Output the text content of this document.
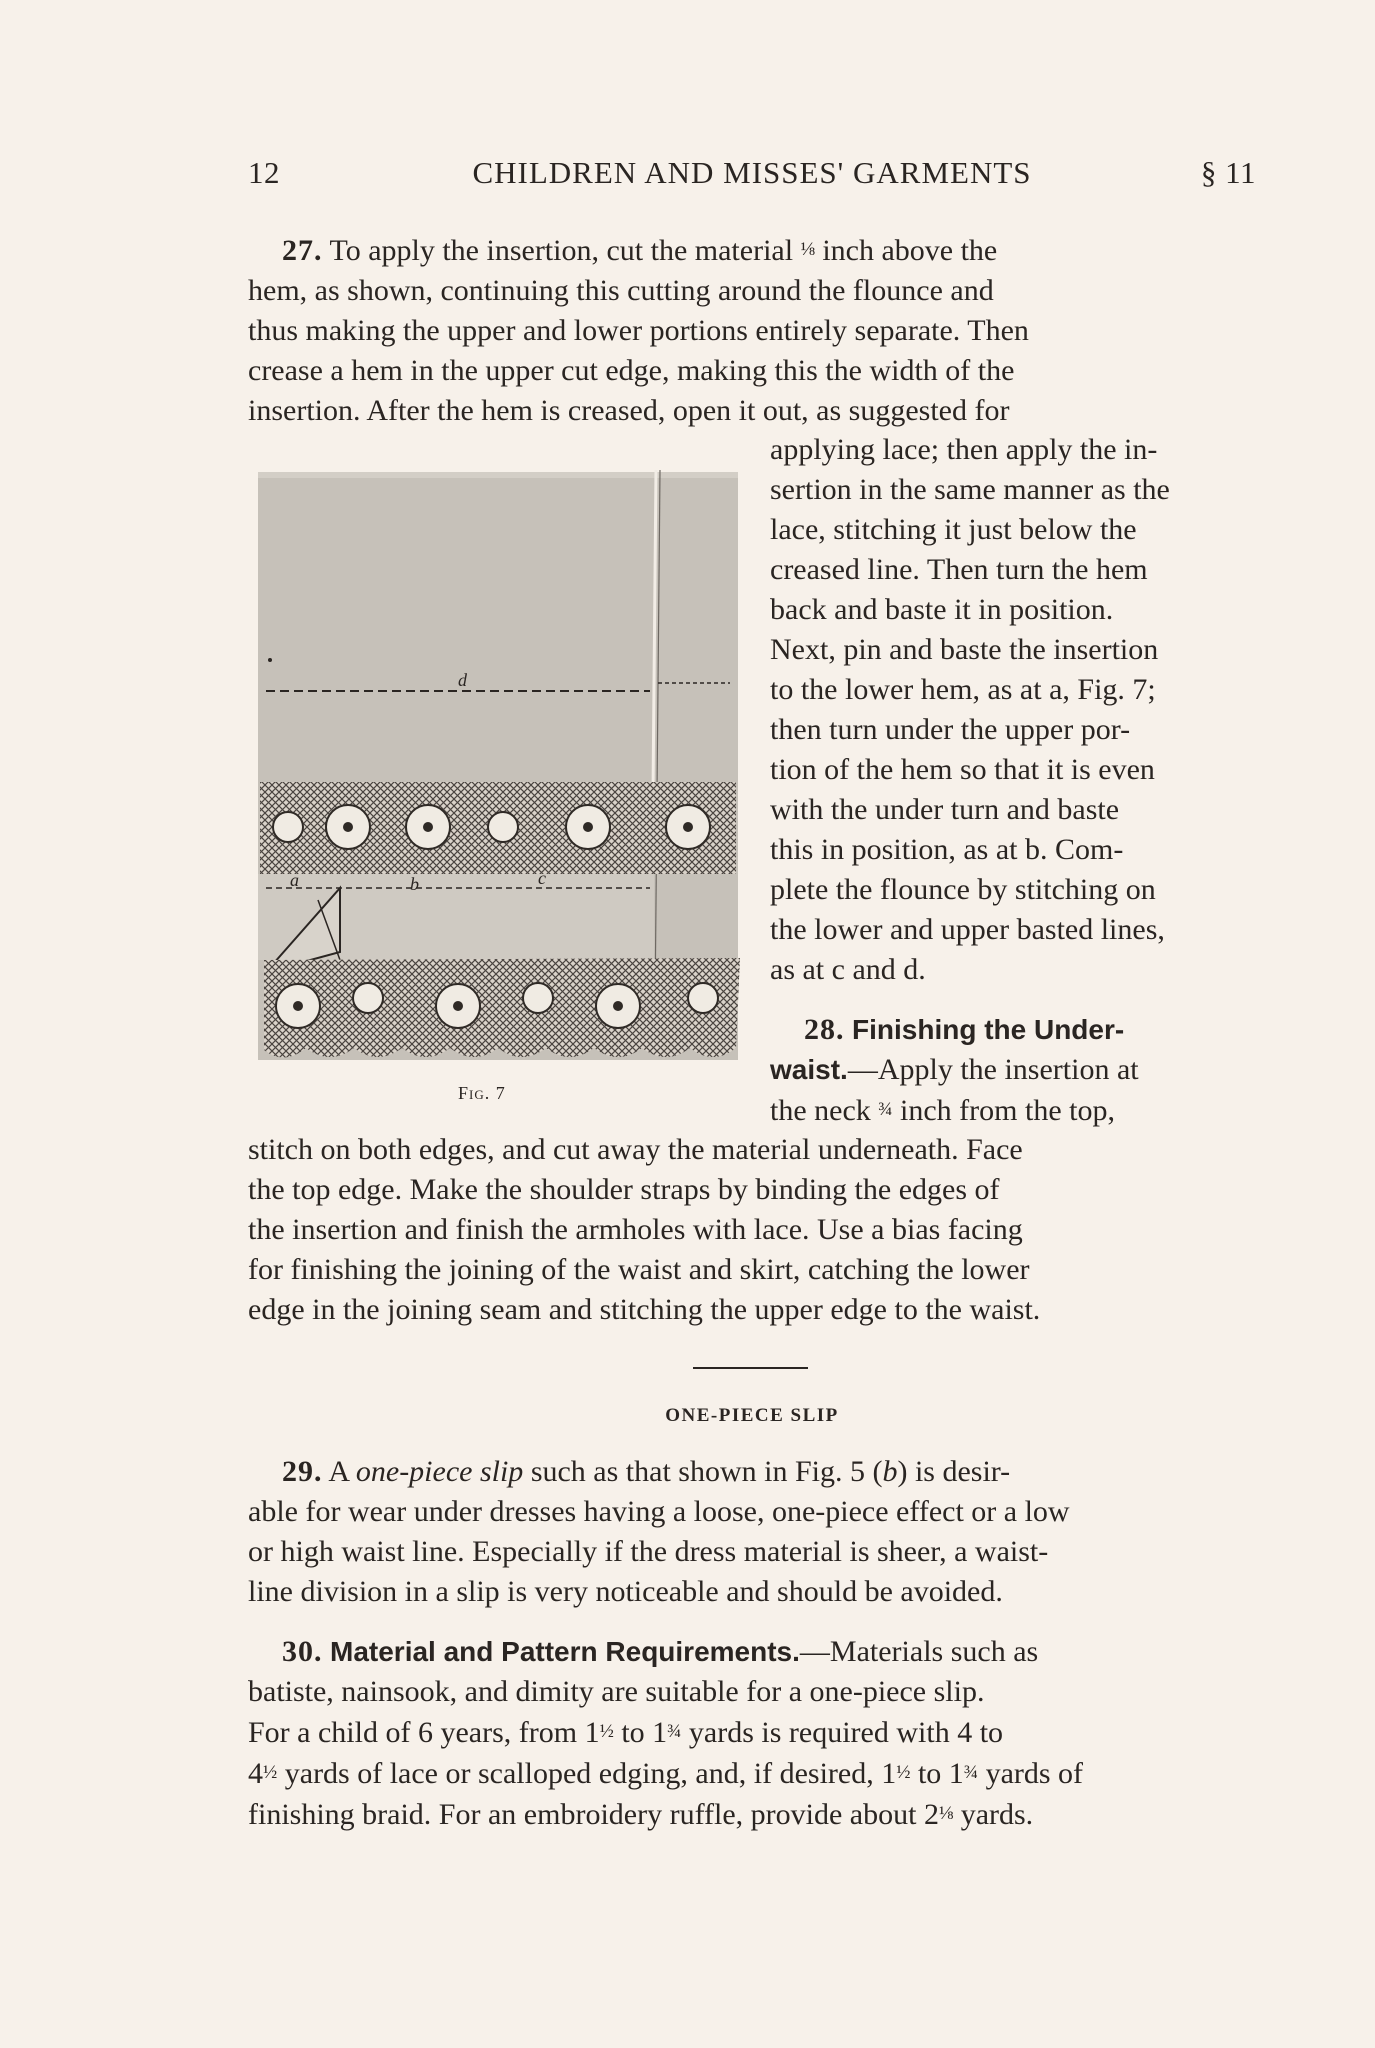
12	CHILDREN AND MISSES' GARMENTS	§ 11

27. To apply the insertion, cut the material ⅛ inch above the

hem, as shown, continuing this cutting around the flounce and

thus making the upper and lower portions entirely separate. Then

crease a hem in the upper cut edge, making this the width of the

insertion. After the hem is creased, open it out, as suggested for

applying lace; then apply the in-

sertion in the same manner as the

lace, stitching it just below the

creased line. Then turn the hem

back and baste it in position.

Next, pin and baste the insertion

to the lower hem, as at a, Fig. 7;

then turn under the upper por-

tion of the hem so that it is even

with the under turn and baste

this in position, as at b. Com-

plete the flounce by stitching on

the lower and upper basted lines,

as at c and d.

d
a	b	c
Fig. 7

28. Finishing the Under-

waist.—Apply the insertion at

the neck ¾ inch from the top,

stitch on both edges, and cut away the material underneath. Face

the top edge. Make the shoulder straps by binding the edges of

the insertion and finish the armholes with lace. Use a bias facing

for finishing the joining of the waist and skirt, catching the lower

edge in the joining seam and stitching the upper edge to the waist.

ONE-PIECE SLIP

29. A one-piece slip such as that shown in Fig. 5 (b) is desir-

able for wear under dresses having a loose, one-piece effect or a low

or high waist line. Especially if the dress material is sheer, a waist-

line division in a slip is very noticeable and should be avoided.

30. Material and Pattern Requirements.—Materials such as

batiste, nainsook, and dimity are suitable for a one-piece slip.

For a child of 6 years, from 1½ to 1¾ yards is required with 4 to

4½ yards of lace or scalloped edging, and, if desired, 1½ to 1¾ yards of

finishing braid. For an embroidery ruffle, provide about 2⅛ yards.
